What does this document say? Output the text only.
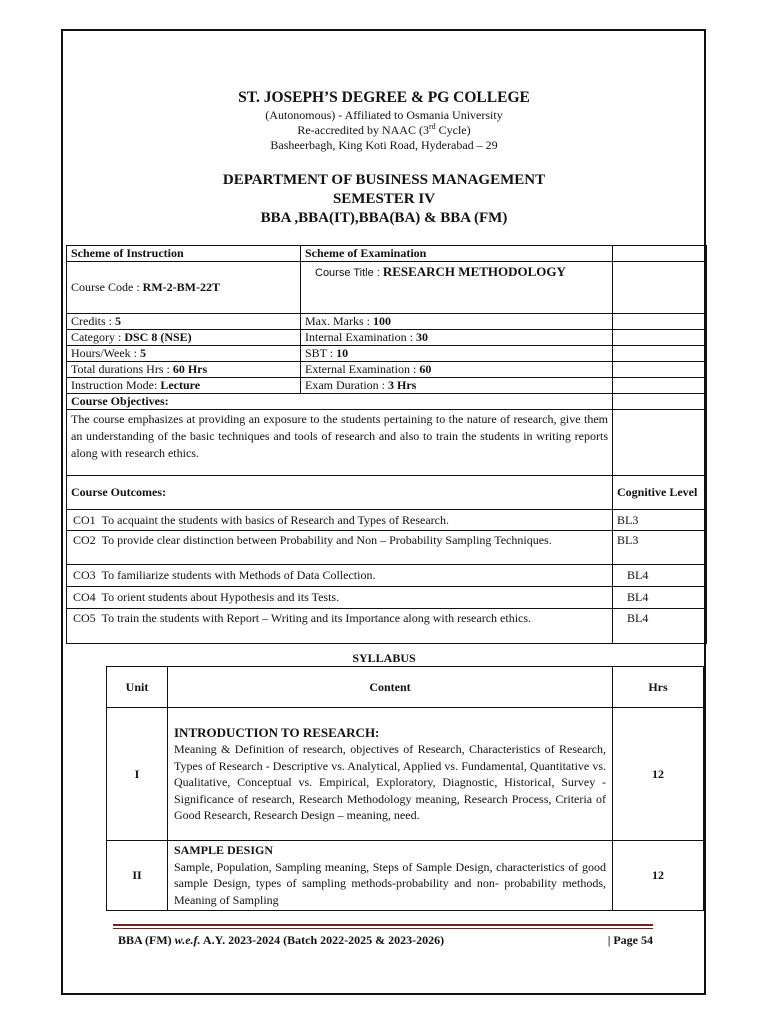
ST. JOSEPH’S DEGREE & PG COLLEGE
(Autonomous) - Affiliated to Osmania University
Re-accredited by NAAC (3rd Cycle)
Basheerbagh, King Koti Road, Hyderabad – 29
DEPARTMENT OF BUSINESS MANAGEMENT
SEMESTER IV
BBA ,BBA(IT),BBA(BA) & BBA (FM)
Scheme of Instruction	Scheme of Examination	
Course Code : RM-2-BM-22T	Course Title : RESEARCH METHODOLOGY	
Credits : 5	Max. Marks : 100	
Category : DSC 8 (NSE)	Internal Examination : 30	
Hours/Week : 5	SBT : 10	
Total durations Hrs : 60 Hrs	External Examination : 60	
Instruction Mode: Lecture	Exam Duration : 3 Hrs	
Course Objectives:		
The course emphasizes at providing an exposure to the students pertaining to the nature of research, give them an understanding of the basic techniques and tools of research and also to train the students in writing reports along with research ethics.		
Course Outcomes:		Cognitive Level
CO1 To acquaint the students with basics of Research and Types of Research.		BL3
CO2 To provide clear distinction between Probability and Non – Probability Sampling Techniques.		BL3
CO3 To familiarize students with Methods of Data Collection.		BL4
CO4 To orient students about Hypothesis and its Tests.		BL4
CO5 To train the students with Report – Writing and its Importance along with research ethics.		BL4
SYLLABUS
Unit	Content	Hrs
I	INTRODUCTION TO RESEARCH:
Meaning & Definition of research, objectives of Research, Characteristics of Research, Types of Research - Descriptive vs. Analytical, Applied vs. Fundamental, Quantitative vs. Qualitative, Conceptual vs. Empirical, Exploratory, Diagnostic, Historical, Survey - Significance of research, Research Methodology meaning, Research Process, Criteria of Good Research, Research Design – meaning, need.	12
II	SAMPLE DESIGN
Sample, Population, Sampling meaning, Steps of Sample Design, characteristics of good sample Design, types of sampling methods-probability and non- probability methods, Meaning of Sampling	12
BBA (FM) w.e.f. A.Y. 2023-2024 (Batch 2022-2025 & 2023-2026)	| Page 54
